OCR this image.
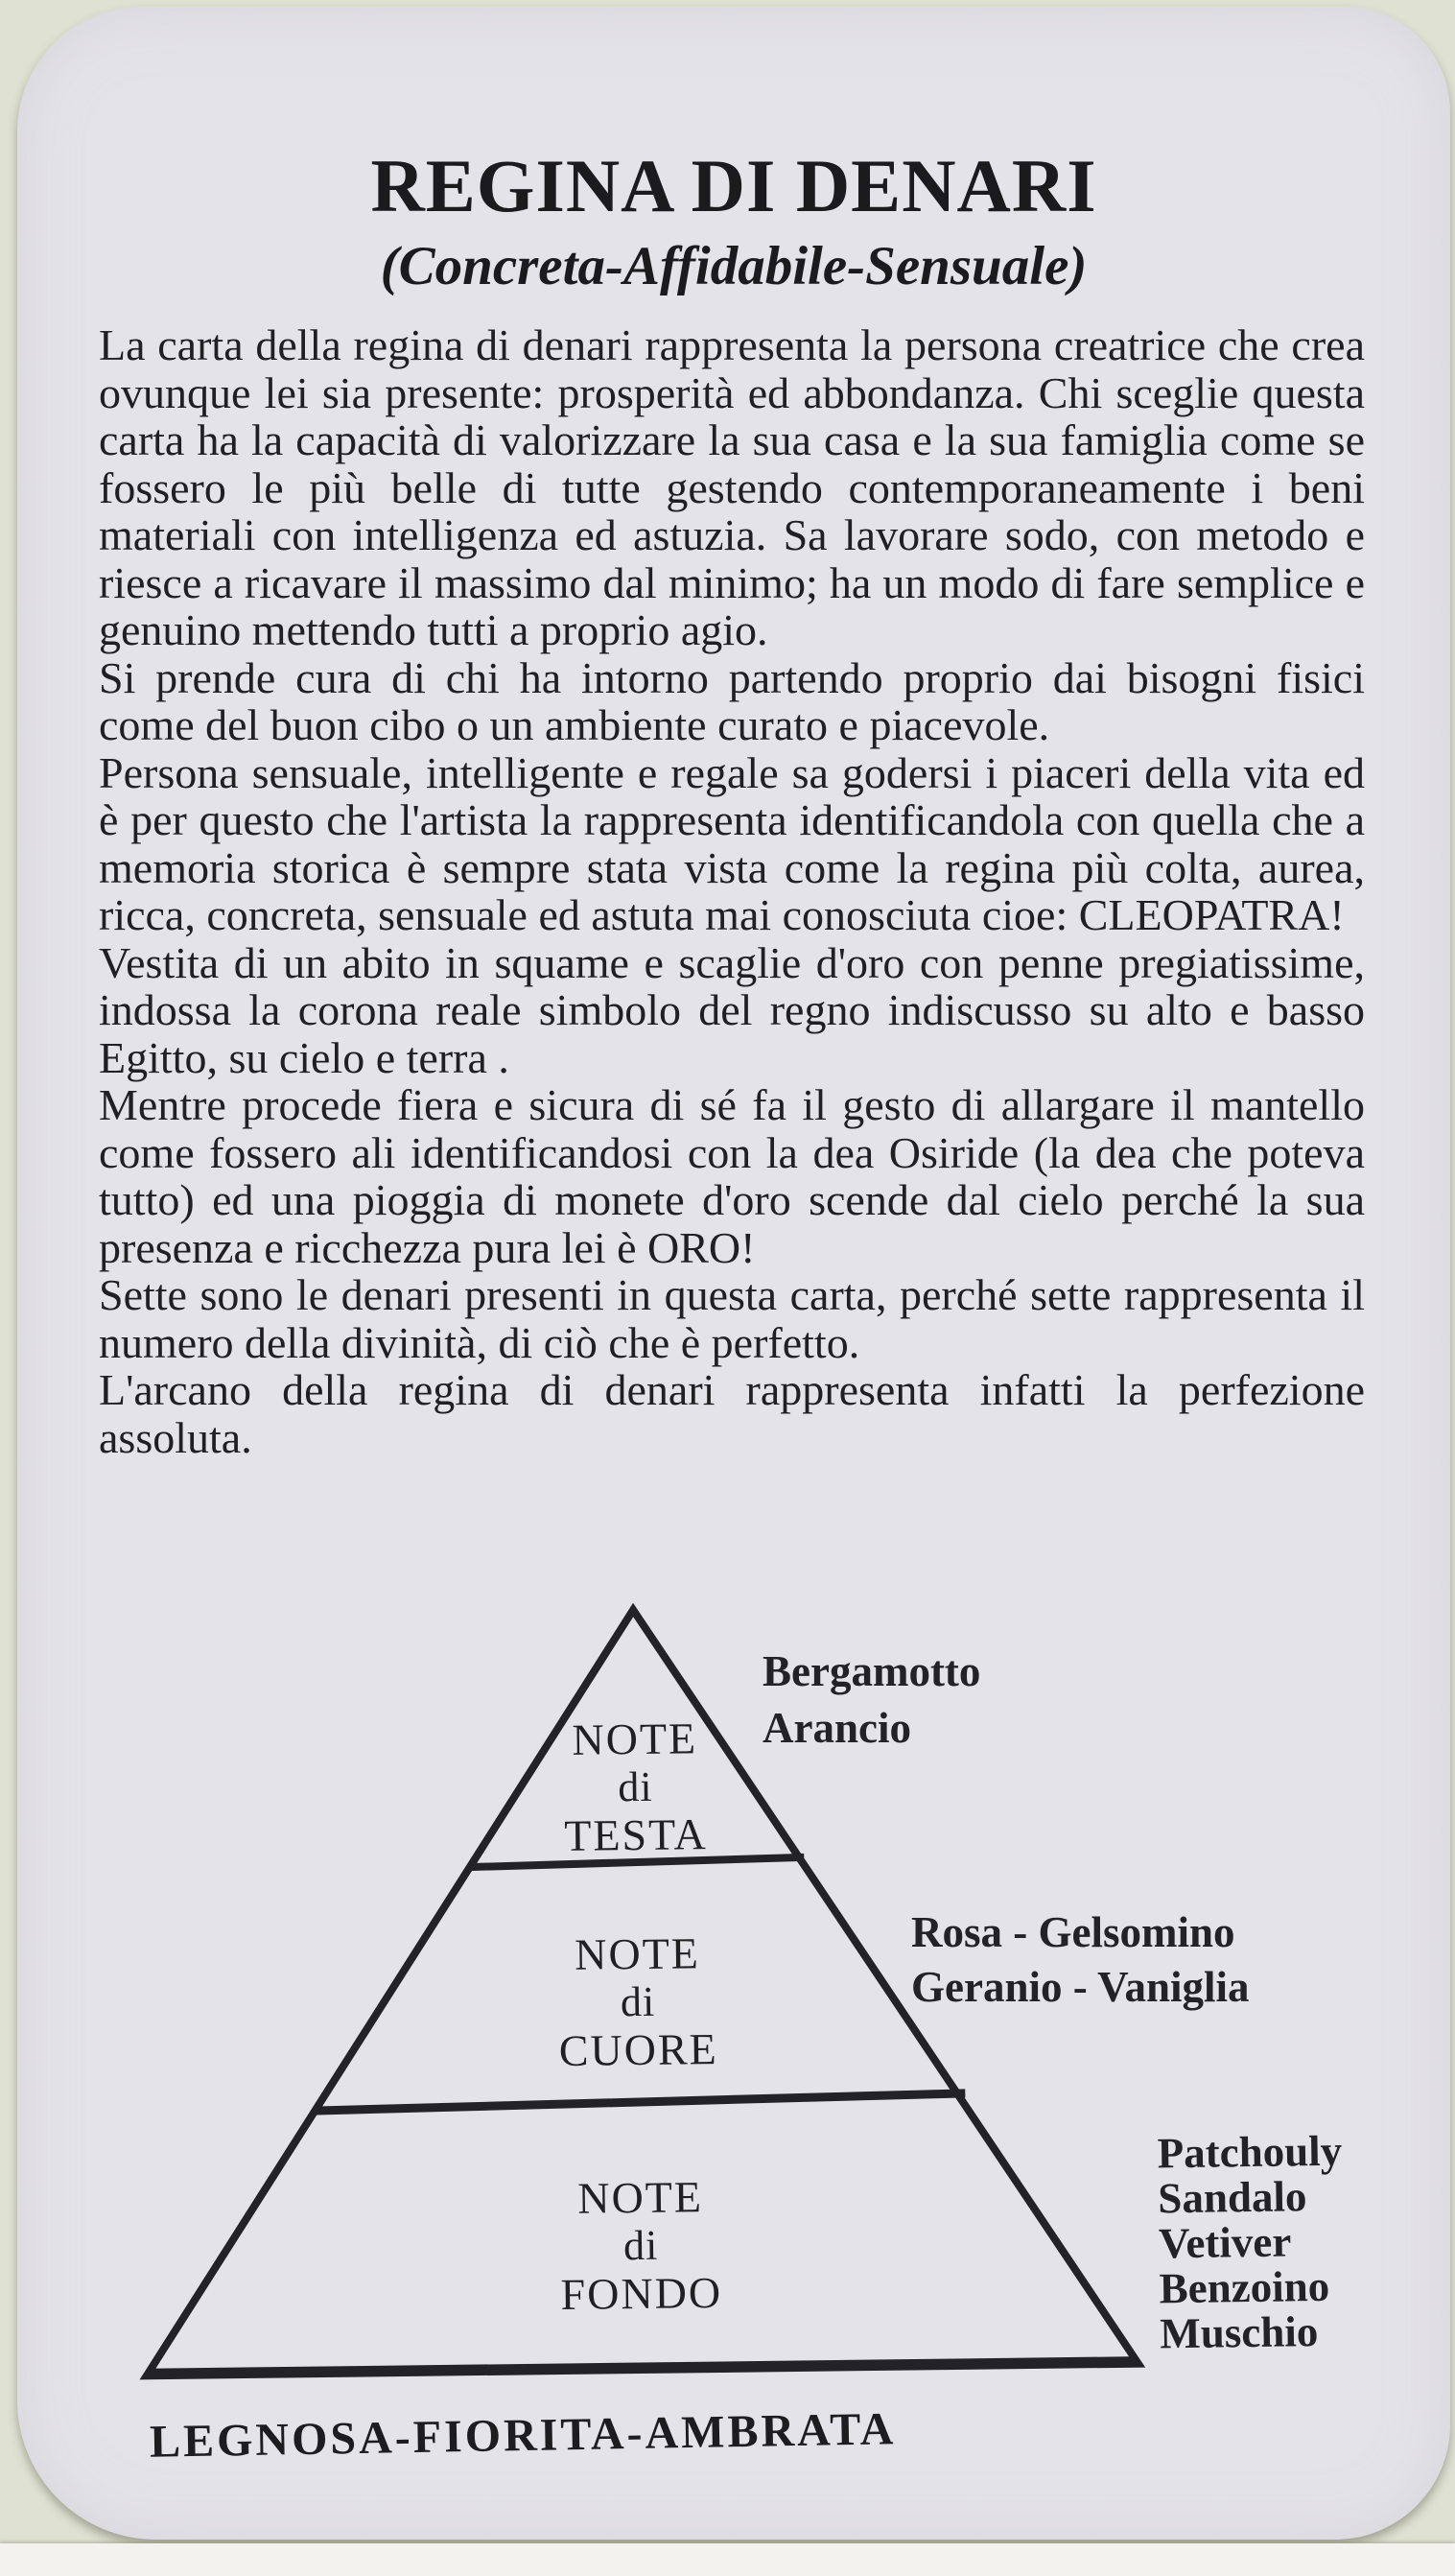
REGINA DI DENARI
(Concreta-Affidabile-Sensuale)

La carta della regina di denari rappresenta la persona creatrice che crea ovunque lei sia presente: prosperità ed abbondanza. Chi sceglie questa carta ha la capacità di valorizzare la sua casa e la sua famiglia come se fossero le più belle di tutte gestendo contemporaneamente i beni materiali con intelligenza ed astuzia. Sa lavorare sodo, con metodo e riesce a ricavare il massimo dal minimo; ha un modo di fare semplice e genuino mettendo tutti a proprio agio.

Si prende cura di chi ha intorno partendo proprio dai bisogni fisici come del buon cibo o un ambiente curato e piacevole.

Persona sensuale, intelligente e regale sa godersi i piaceri della vita ed è per questo che l'artista la rappresenta identificandola con quella che a memoria storica è sempre stata vista come la regina più colta, aurea, ricca, concreta, sensuale ed astuta mai conosciuta cioe: CLEOPATRA!

Vestita di un abito in squame e scaglie d'oro con penne pregiatissime, indossa la corona reale simbolo del regno indiscusso su alto e basso Egitto, su cielo e terra .

Mentre procede fiera e sicura di sé fa il gesto di allargare il mantello come fossero ali identificandosi con la dea Osiride (la dea che poteva tutto) ed una pioggia di monete d'oro scende dal cielo perché la sua presenza e ricchezza pura lei è ORO!

Sette sono le denari presenti in questa carta, perché sette rappresenta il numero della divinità, di ciò che è perfetto.

L'arcano della regina di denari rappresenta infatti la perfezione assoluta.

NOTE
di
TESTA
NOTE
di
CUORE
NOTE
di
FONDO
Bergamotto
Arancio
Rosa - Gelsomino
Geranio - Vaniglia
Patchouly
Sandalo
Vetiver
Benzoino
Muschio
LEGNOSA-FIORITA-AMBRATA
